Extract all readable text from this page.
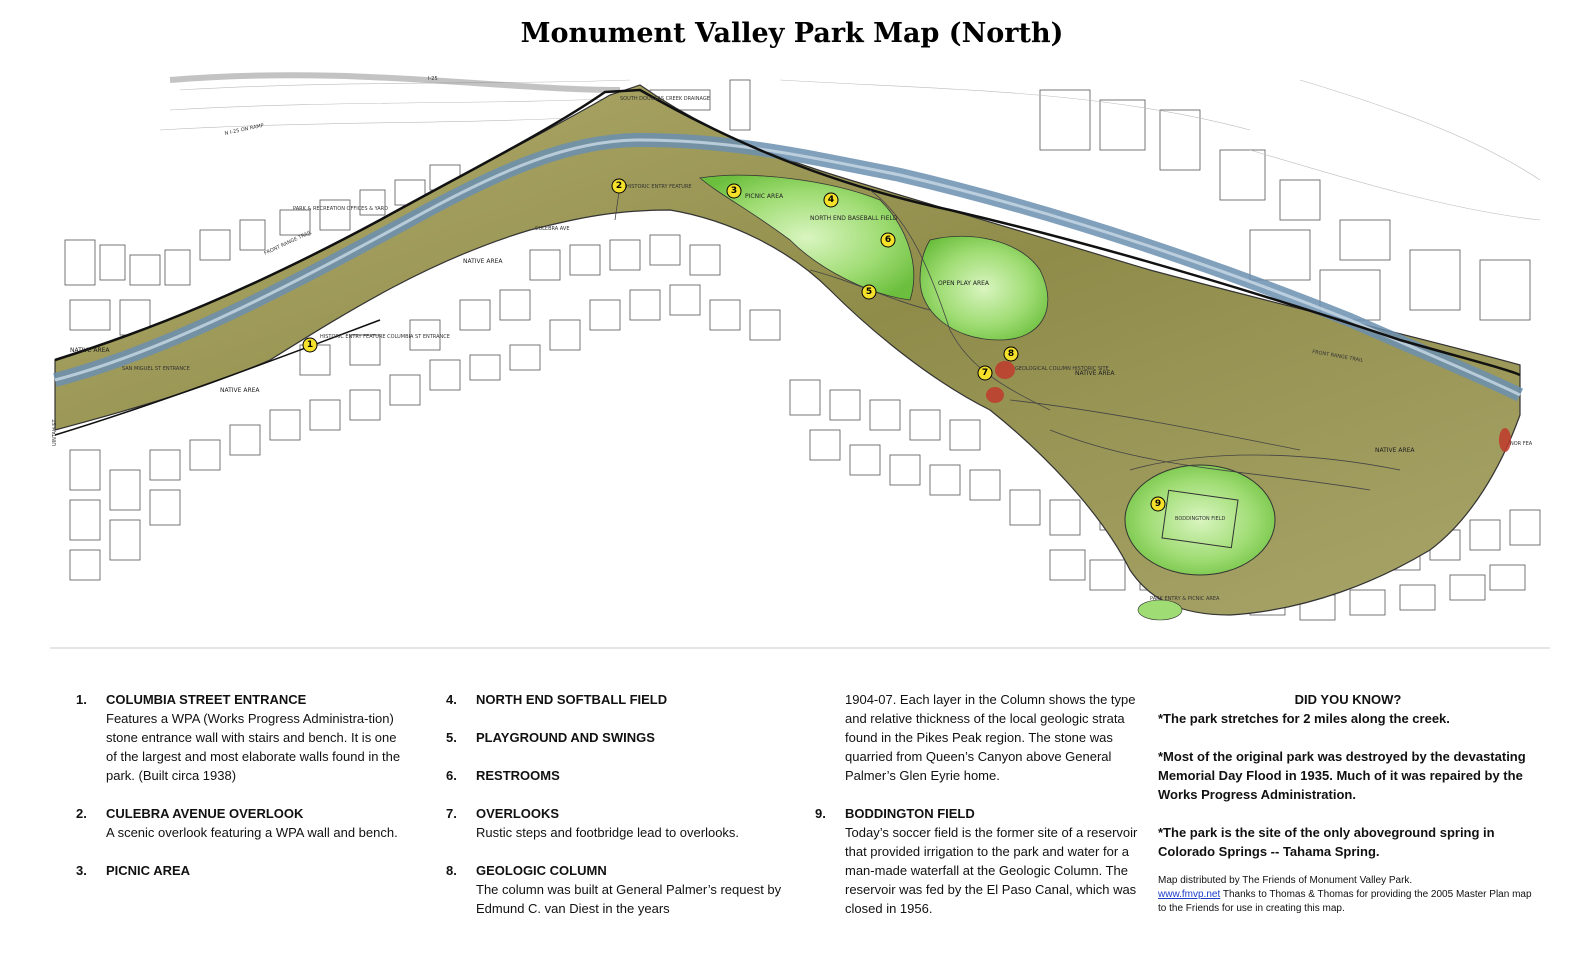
Monument Valley Park Map (North)
I-25
N I-25 ON RAMP
PARK & RECREATION OFFICES & YARD
FRONT RANGE TRAIL
FRONT RANGE TRAIL
SOUTH DOUGLAS CREEK DRAINAGE
NATIVE AREA
NATIVE AREA
NATIVE AREA
NATIVE AREA
NATIVE AREA
SAN MIGUEL ST ENTRANCE
UINTAH ST
HISTORIC ENTRY FEATURE COLUMBIA ST ENTRANCE
HISTORIC ENTRY FEATURE
PICNIC AREA
NORTH END BASEBALL FIELD
OPEN PLAY AREA
GEOLOGICAL COLUMN HISTORIC SITE
BODDINGTON FIELD
PARK ENTRY & PICNIC AREA
CULEBRA AVE
NOR FEA
1
2	3
4
5
6
7
8
9
1. COLUMBIA STREET ENTRANCE
Features a WPA (Works Progress Administra-tion) stone entrance wall with stairs and bench. It is one of the largest and most elaborate walls found in the park. (Built circa 1938)
2. CULEBRA AVENUE OVERLOOK
A scenic overlook featuring a WPA wall and bench.
3. PICNIC AREA
4. NORTH END SOFTBALL FIELD
5. PLAYGROUND AND SWINGS
6. RESTROOMS
7. OVERLOOKS
Rustic steps and footbridge lead to overlooks.
8. GEOLOGIC COLUMN
The column was built at General Palmer’s request by Edmund C. van Diest in the years
1904-07. Each layer in the Column shows the type and relative thickness of the local geologic strata found in the Pikes Peak region. The stone was quarried from Queen’s Canyon above General Palmer’s Glen Eyrie home.
9. BODDINGTON FIELD
Today’s soccer field is the former site of a reservoir that provided irrigation to the park and water for a man-made waterfall at the Geologic Column. The reservoir was fed by the El Paso Canal, which was closed in 1956.
DID YOU KNOW?
*The park stretches for 2 miles along the creek.
*Most of the original park was destroyed by the devastating Memorial Day Flood in 1935. Much of it was repaired by the Works Progress Administration.
*The park is the site of the only aboveground spring in Colorado Springs -- Tahama Spring.
Map distributed by The Friends of Monument Valley Park.
www.fmvp.net Thanks to Thomas & Thomas for providing the 2005 Master Plan map to the Friends for use in creating this map.
